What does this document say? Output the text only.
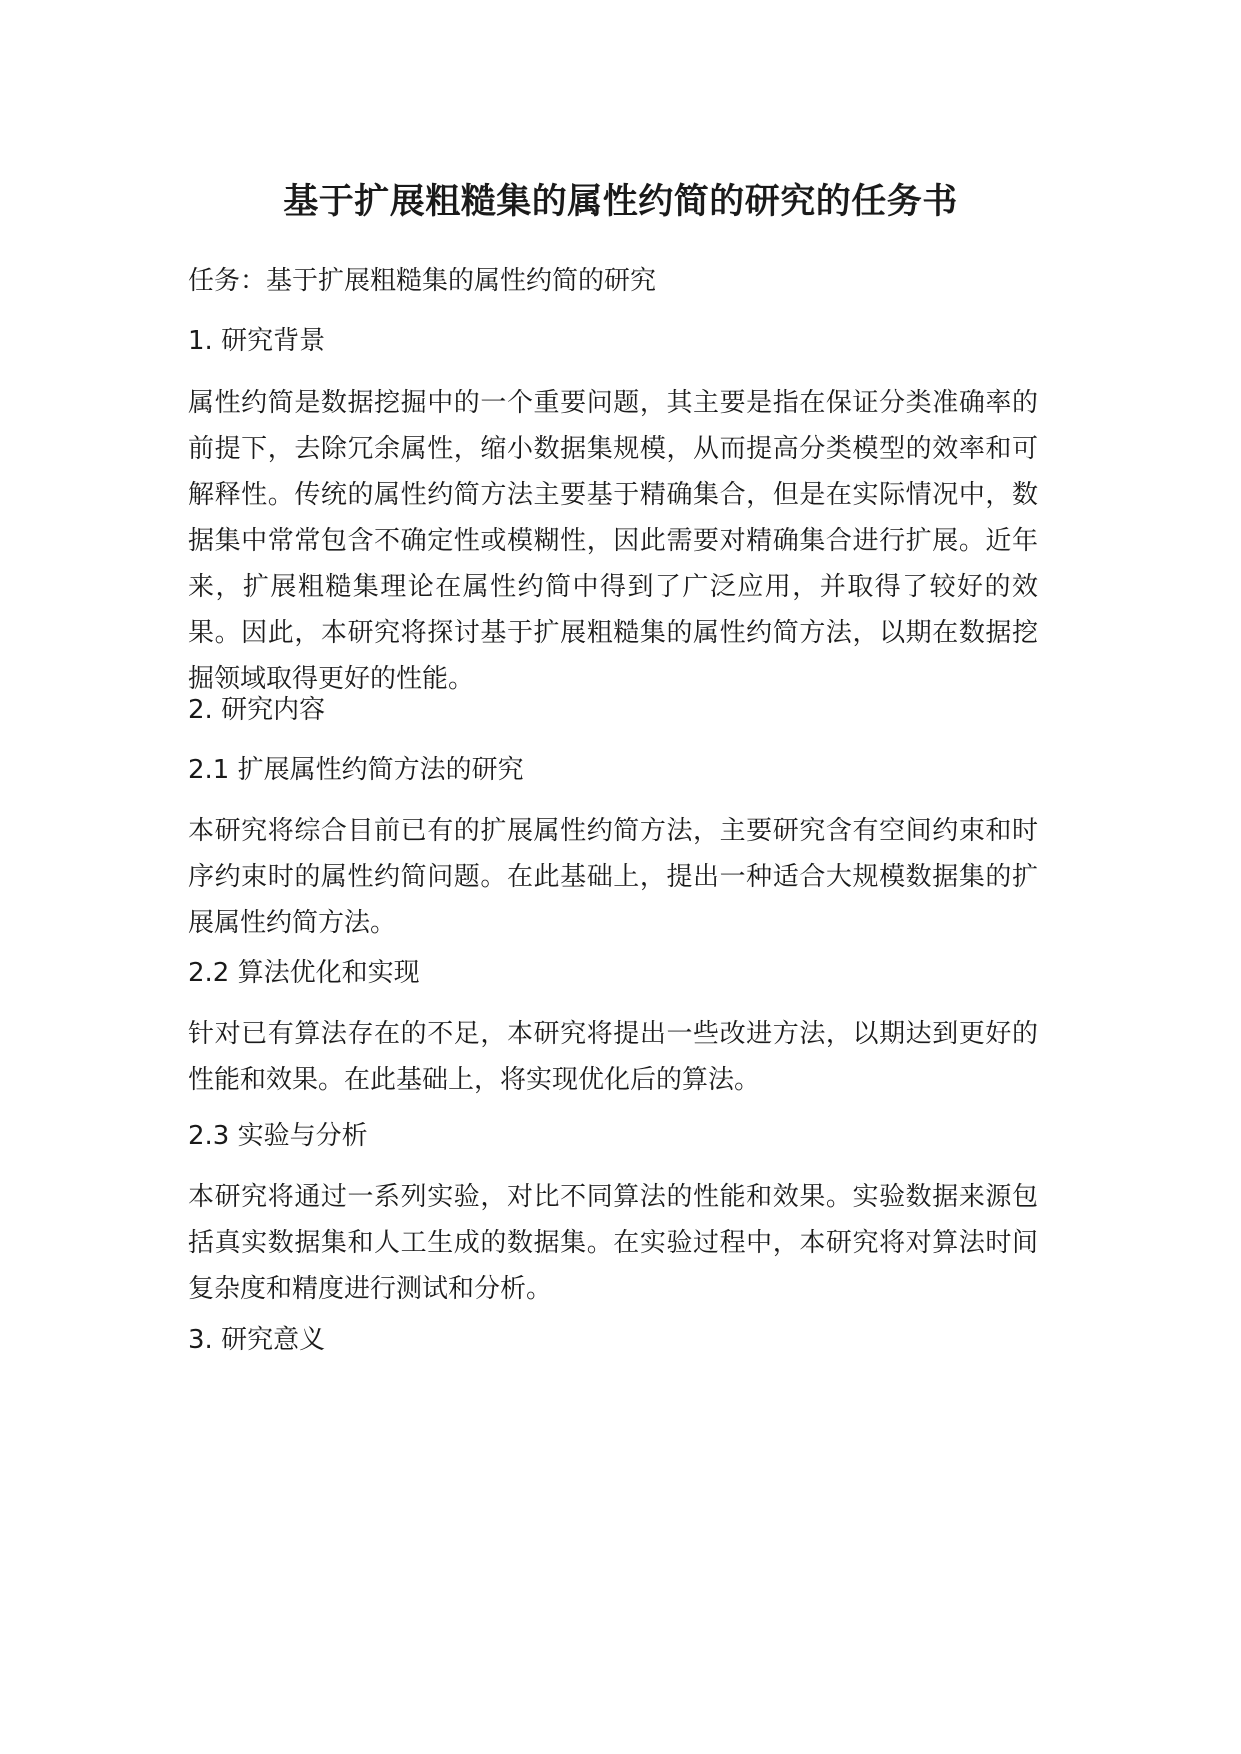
基于扩展粗糙集的属性约简的研究的任务书

任务：基于扩展粗糙集的属性约简的研究

1. 研究背景

属性约简是数据挖掘中的一个重要问题，其主要是指在保证分类准确率的前提下，去除冗余属性，缩小数据集规模，从而提高分类模型的效率和可解释性。传统的属性约简方法主要基于精确集合，但是在实际情况中，数据集中常常包含不确定性或模糊性，因此需要对精确集合进行扩展。近年来，扩展粗糙集理论在属性约简中得到了广泛应用，并取得了较好的效果。因此，本研究将探讨基于扩展粗糙集的属性约简方法，以期在数据挖掘领域取得更好的性能。

2. 研究内容

2.1 扩展属性约简方法的研究

本研究将综合目前已有的扩展属性约简方法，主要研究含有空间约束和时序约束时的属性约简问题。在此基础上，提出一种适合大规模数据集的扩展属性约简方法。

2.2 算法优化和实现

针对已有算法存在的不足，本研究将提出一些改进方法，以期达到更好的性能和效果。在此基础上，将实现优化后的算法。

2.3 实验与分析

本研究将通过一系列实验，对比不同算法的性能和效果。实验数据来源包括真实数据集和人工生成的数据集。在实验过程中，本研究将对算法时间复杂度和精度进行测试和分析。

3. 研究意义
